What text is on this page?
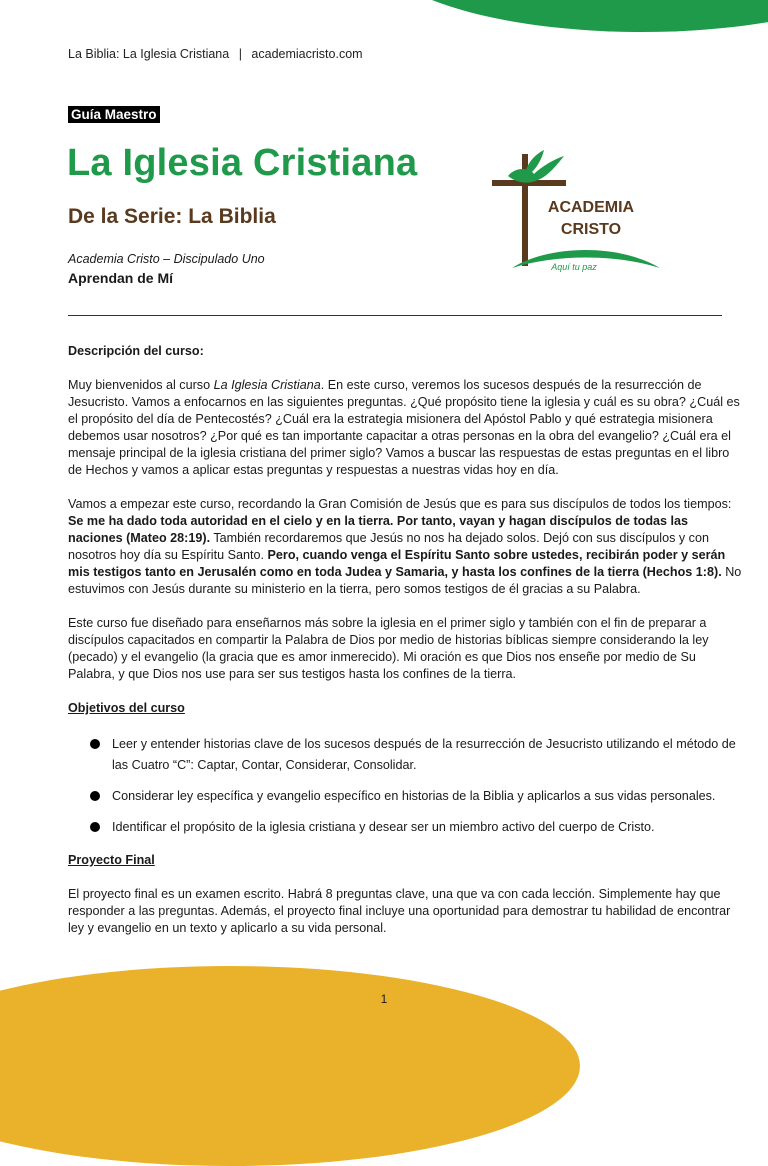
La Biblia: La Iglesia Cristiana | academiacristo.com
Guía Maestro
La Iglesia Cristiana
De la Serie: La Biblia
Academia Cristo – Discipulado Uno
Aprendan de Mí
ACADEMIA
CRISTO
Aquí tu paz

Descripción del curso:

Muy bienvenidos al curso La Iglesia Cristiana. En este curso, veremos los sucesos después de la resurrección de Jesucristo. Vamos a enfocarnos en las siguientes preguntas. ¿Qué propósito tiene la iglesia y cuál es su obra? ¿Cuál es el propósito del día de Pentecostés? ¿Cuál era la estrategia misionera del Apóstol Pablo y qué estrategia misionera debemos usar nosotros? ¿Por qué es tan importante capacitar a otras personas en la obra del evangelio? ¿Cuál era el mensaje principal de la iglesia cristiana del primer siglo? Vamos a buscar las respuestas de estas preguntas en el libro de Hechos y vamos a aplicar estas preguntas y respuestas a nuestras vidas hoy en día.

Vamos a empezar este curso, recordando la Gran Comisión de Jesús que es para sus discípulos de todos los tiempos: Se me ha dado toda autoridad en el cielo y en la tierra. Por tanto, vayan y hagan discípulos de todas las naciones (Mateo 28:19). También recordaremos que Jesús no nos ha dejado solos. Dejó con sus discípulos y con nosotros hoy día su Espíritu Santo. Pero, cuando venga el Espíritu Santo sobre ustedes, recibirán poder y serán mis testigos tanto en Jerusalén como en toda Judea y Samaria, y hasta los confines de la tierra (Hechos 1:8). No estuvimos con Jesús durante su ministerio en la tierra, pero somos testigos de él gracias a su Palabra.

Este curso fue diseñado para enseñarnos más sobre la iglesia en el primer siglo y también con el fin de preparar a discípulos capacitados en compartir la Palabra de Dios por medio de historias bíblicas siempre considerando la ley (pecado) y el evangelio (la gracia que es amor inmerecido). Mi oración es que Dios nos enseñe por medio de Su Palabra, y que Dios nos use para ser sus testigos hasta los confines de la tierra.

Objetivos del curso

Leer y entender historias clave de los sucesos después de la resurrección de Jesucristo utilizando el método de las Cuatro “C”: Captar, Contar, Considerar, Consolidar.
Considerar ley específica y evangelio específico en historias de la Biblia y aplicarlos a sus vidas personales.
Identificar el propósito de la iglesia cristiana y desear ser un miembro activo del cuerpo de Cristo.

Proyecto Final

El proyecto final es un examen escrito. Habrá 8 preguntas clave, una que va con cada lección. Simplemente hay que responder a las preguntas. Además, el proyecto final incluye una oportunidad para demostrar tu habilidad de encontrar ley y evangelio en un texto y aplicarlo a su vida personal.

1
